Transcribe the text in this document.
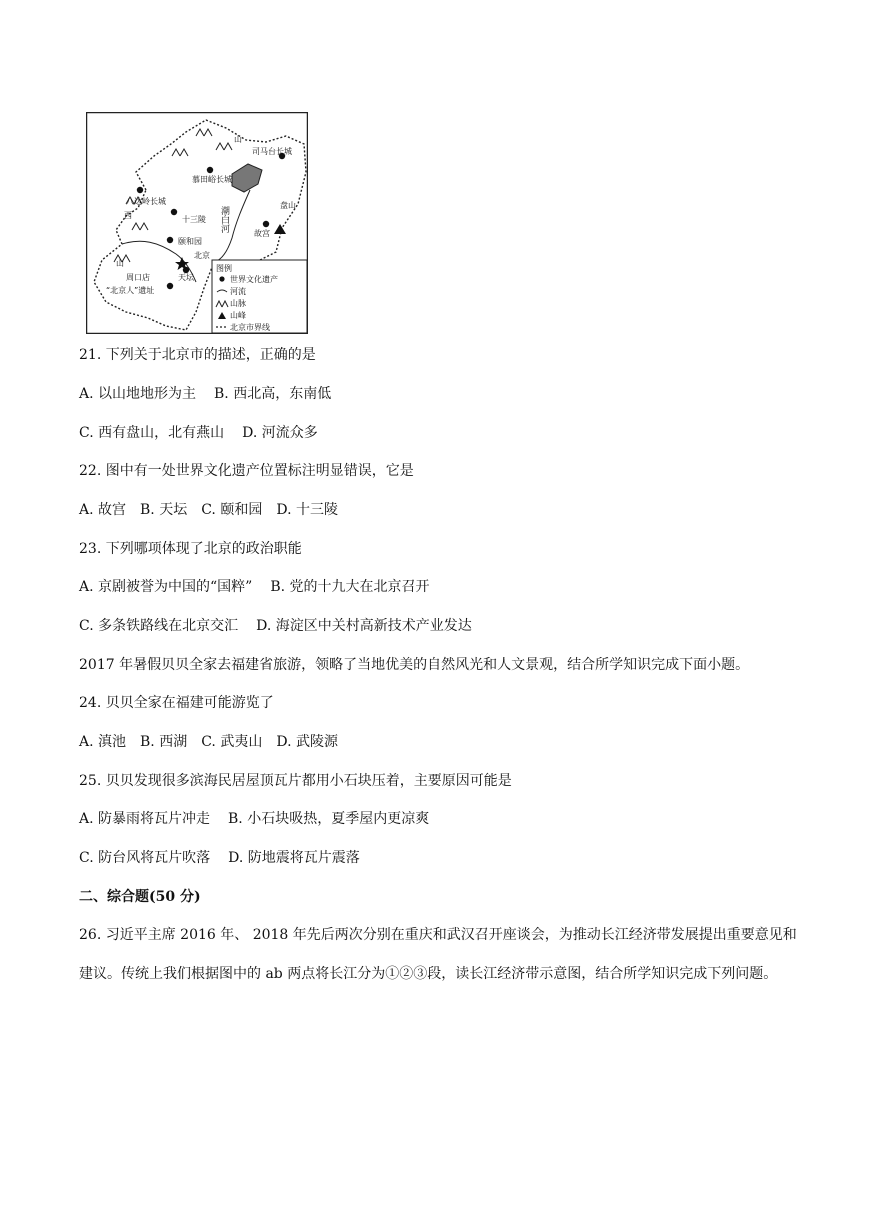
司马台长城
慕田峪长城
八达岭长城
十三陵
颐和园
北京
天坛
故宫
盘山
西
山
山
周口店
“北京人”遗址
潮白河
图例
世界文化遗产
河流
山脉
山峰
北京市界线
21. 下列关于北京市的描述，正确的是
A. 以山地地形为主 B. 西北高，东南低
C. 西有盘山，北有燕山 D. 河流众多
22. 图中有一处世界文化遗产位置标注明显错误，它是
A. 故宫 B. 天坛 C. 颐和园 D. 十三陵
23. 下列哪项体现了北京的政治职能
A. 京剧被誉为中国的“国粹” B. 党的十九大在北京召开
C. 多条铁路线在北京交汇 D. 海淀区中关村高新技术产业发达
2017 年暑假贝贝全家去福建省旅游，领略了当地优美的自然风光和人文景观，结合所学知识完成下面小题。
24. 贝贝全家在福建可能游览了
A. 滇池 B. 西湖 C. 武夷山 D. 武陵源
25. 贝贝发现很多滨海民居屋顶瓦片都用小石块压着，主要原因可能是
A. 防暴雨将瓦片冲走 B. 小石块吸热，夏季屋内更凉爽
C. 防台风将瓦片吹落 D. 防地震将瓦片震落
二、综合题(50 分)

26. 习近平主席 2016 年、 2018 年先后两次分别在重庆和武汉召开座谈会，为推动长江经济带发展提出重要意见和建议。传统上我们根据图中的 ab 两点将长江分为①②③段，读长江经济带示意图，结合所学知识完成下列问题。
